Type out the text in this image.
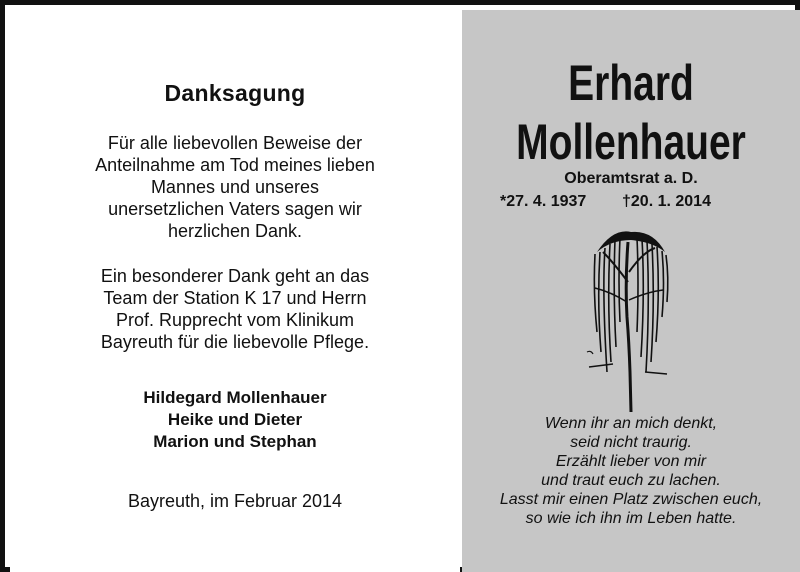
Danksagung
Für alle liebevollen Beweise der
Anteilnahme am Tod meines lieben
Mannes und unseres
unersetzlichen Vaters sagen wir
herzlichen Dank.
Ein besonderer Dank geht an das
Team der Station K 17 und Herrn
Prof. Rupprecht vom Klinikum
Bayreuth für die liebevolle Pflege.
Hildegard Mollenhauer
Heike und Dieter
Marion und Stephan
Bayreuth, im Februar 2014
Erhard
Mollenhauer
Oberamtsrat a. D.
*27. 4. 1937 †20. 1. 2014
Wenn ihr an mich denkt,
seid nicht traurig.
Erzählt lieber von mir
und traut euch zu lachen.
Lasst mir einen Platz zwischen euch,
so wie ich ihn im Leben hatte.
